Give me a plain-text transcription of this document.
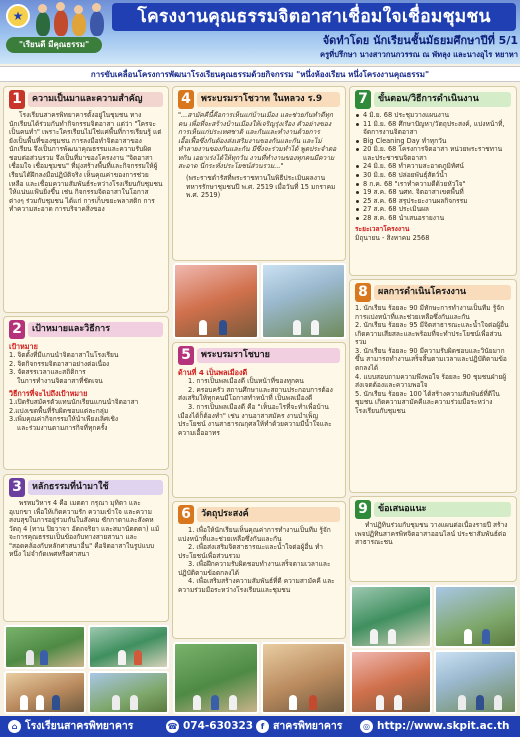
★	โครงงานคุณธรรมจิตอาสาเชื่อมใจเชื่อมชุมชน
"เรียนดี มีคุณธรรม"	จัดทำโดย นักเรียนชั้นมัธยมศึกษาปีที่ 5/1
ครูที่ปรึกษา นางสาวกนกวรรณ ณ พัทลุง และนางอุไร หยาหา
การขับเคลื่อนโครงการพัฒนาโรงเรียนคุณธรรมด้วยกิจกรรม "หนึ่งห้องเรียน หนึ่งโครงงานคุณธรรม"
1	ความเป็นมาและความสำคัญ
โรงเรียนสาครพิทยาคารตั้งอยู่ในชุมชน ทางนักเรียนได้ร่วมกันทำกิจกรรมจิตอาสา แต่ว่า "ใครจะเป็นคนทำ" เพราะใครเรียนไม่ใช่แค่พื้นที่การเรียนรู้ แต่ยังเป็นพื้นที่ของชุมชน การลงมือทำจิตอาสาของนักเรียน จึงเป็นการพัฒนาคุณธรรมและความรับผิดชอบต่อส่วนรวม จึงเป็นที่มาของโครงงาน "จิตอาสาเชื่อมใจ เชื่อมชุมชน" ที่มุ่งสร้างพื้นที่และกิจกรรมให้ผู้เรียนได้ฝึกลงมือปฏิบัติจริง เห็นคุณค่าของการช่วยเหลือ และเชื่อมความสัมพันธ์ระหว่างโรงเรียนกับชุมชนให้แน่นแฟ้นยิ่งขึ้น เช่น กิจกรรมจิตอาสาในโอกาสต่างๆ ร่วมกับชุมชน ได้แก่ การเก็บขยะพลาสติก การทำความสะอาด การบริจาคสิ่งของ
2	เป้าหมายและวิธีการ
เป้าหมาย
1. จิตตั้งที่มีแกนนำจิตอาสาในโรงเรียน
2. จิตกิจกรรมจิตอาสาอย่างต่อเนื่อง
3. จัดสรรเวลาและสถิติการ
ในการทำงานจิตอาสาที่ชัดเจน
วิธีการที่จะไปถึงเป้าหมาย
1.เปิดรับสมัครตัวแทนนักเรียนแกนนำจิตอาสา
2.แบ่งเขตพื้นที่รับผิดชอบแต่ละกลุ่ม
3.เพิ่มคุณค่ากิจกรรมให้นำเพียงเลิศเชิง
และร่วมงานตามภารกิจที่ทุกครั้ง
3	หลักธรรมที่นำมาใช้
พรหมวิหาร 4 คือ เมตตา กรุณา มุทิตา และอุเบกขา เพื่อให้เกิดความรัก ความเข้าใจ และความสงบสุขในการอยู่ร่วมกันในสังคม ซักกาตาและสังคหวัตถุ 4 (ทาน ปิยวาจา อัตถจริยา และสมานัตตตา) แม้จะการคุณธรรมเป็นข้องกับทางสายสานา และ "สอดคล้องกับหลักศาสนาอื่น" คือจิตอาสาในรูปแบบหนึ่ง ไม่จำกัดเพศหรือศาสนา
4	พระบรมราโชวาท ในหลวง ร.9
"...สามัคคีนี้คือการเห็นแก่บ้านเมือง และช่วยกันทำดีทุกคน เพื่อที่จะสร้างบ้านเมืองให้เจริญรุ่งเรือง ตัวอย่างของการเห็นแก่ประเทศชาติ และกันและทำงานด้วยการเอื้อเฟื้อซึ่งกันต้องส่งเสริมงานของกันและกัน และไม่ทำลายงานของกันและกัน มีซึ่งจะร่วมทำได้ พูดประจำดอทกิน เอยาเร่งได้ให้ทุกวัน งานที่ทำงานของทุกคนมีความสะอาด นี่กระทั่งประโยชน์ส่วนรวม..."
(พระราชดำรัสที่พระราชทานในพิธีประเมินผลงานทหารรักษาชุมชนปี พ.ศ. 2519 เมื่อวันที่ 15 มกราคม พ.ศ. 2519)
5	พระบรมราโชบาย
ด้านที่ 4 เป็นพลเมืองดี
1. การเป็นพลเมืองดี เป็นหน้าที่ของทุกคน
2. ครอบครัว สถานศึกษาและสถานประกอบการต้องส่งเสริมให้ทุกคนมีโอกาสทำหน้าที่ เป็นพลเมืองดี
3. การเป็นพลเมืองดี คือ "เห็นอะไรที่จะทำเพื่อบ้านเมืองได้ก็ต้องทำ" เช่น งานอาสาสมัคร งานบำเพ็ญประโยชน์ งานสาธารณกุศลให้ทำด้วยความมีน้ำใจและความเอื้ออาทร
6	วัตถุประสงค์
1. เพื่อให้นักเรียนเห็นคุณค่าการทำงานเป็นทีม รู้จักแบ่งหน้าที่และช่วยเหลือซึ่งกันและกัน
2. เพื่อส่งเสริมจิตสาธารณะและน้ำใจต่อผู้อื่น ทำประโยชน์เพื่อส่วนรวม
3. เพื่อฝึกความรับผิดชอบทำงานเสร็จตามเวลาและปฏิบัติตามข้อตกลงได้
4. เพื่อเสริมสร้างความสัมพันธ์ที่ดี ความสามัคคี และความร่วมมือระหว่างโรงเรียนและชุมชน
7	ขั้นตอน/วิธีการดำเนินงาน
4 มิ.ย. 68 ประชุมวางแผนงาน
11 มิ.ย. 68 ศึกษาปัญหา/วัตถุประสงค์, แบ่งหน้าที่, จัดการงานจิตอาสา
Big Cleaning Day ทำทุกวัน
20 มิ.ย. 68 โครงการจิตอาสา หน่วยพระราชทานและประชาชนจิตอาสา
24 มิ.ย. 68 ทำความสะอาดภูมิทัศน์
30 มิ.ย. 68 ปล่อยพันธุ์สัตว์น้ำ
8 ก.ค. 68 "เราทำความดีด้วยหัวใจ"
19 ส.ค. 68 นศท. จิตอาสาเขตพื้นที่
25 ส.ค. 68 สรุประยะงานผลกิจกรรม
27 ส.ค. 68 ประเมินผล
28 ส.ค. 68 นำเสนอรายงาน
ระยะเวลาโครงงาน
มิถุนายน - สิงหาคม 2568
8	ผลการดำเนินโครงงาน
1. นักเรียน ร้อยละ 90 มีทักษะการทำงานเป็นทีม รู้จักการแบ่งหน้าที่และช่วยเหลือซึ่งกันและกัน
2. นักเรียน ร้อยละ 95 มีจิตสาธารณะและน้ำใจต่อผู้อื่น เกิดความเสียสละและพร้อมที่จะทำประโยชน์เพื่อส่วนรวม
3. นักเรียน ร้อยละ 90 มีความรับผิดชอบและวินัยมากขึ้น สามารถทำงานเสร็จสิ้นตามเวลาและปฏิบัติตามข้อตกลงได้
4. แบบสอบถามความพึงพอใจ ร้อยละ 90 ชุมชนฝ่ายผู้ส่งเจตต้องและความพอใจ
5. นักเรียน ร้อยละ 100 ได้สร้างความสัมพันธ์ที่ดีในชุมชน เกิดความสามัคคีและความร่วมมือระหว่างโรงเรียนกับชุมชน
9	ข้อเสนอแนะ
ทำปฏิทินร่วมกับชุมชน วางแผนต่อเนื่องรายปี สร้างเพจปฏิทินสาครพิทจิตอาสาออนไลน์ ประชาสัมพันธ์ต่อสาธารณะชน
⌂ โรงเรียนสาครพิทยาคาร	☎ 074-630323 f สาครพิทยาคาร	◎ http://www.skpit.ac.th
